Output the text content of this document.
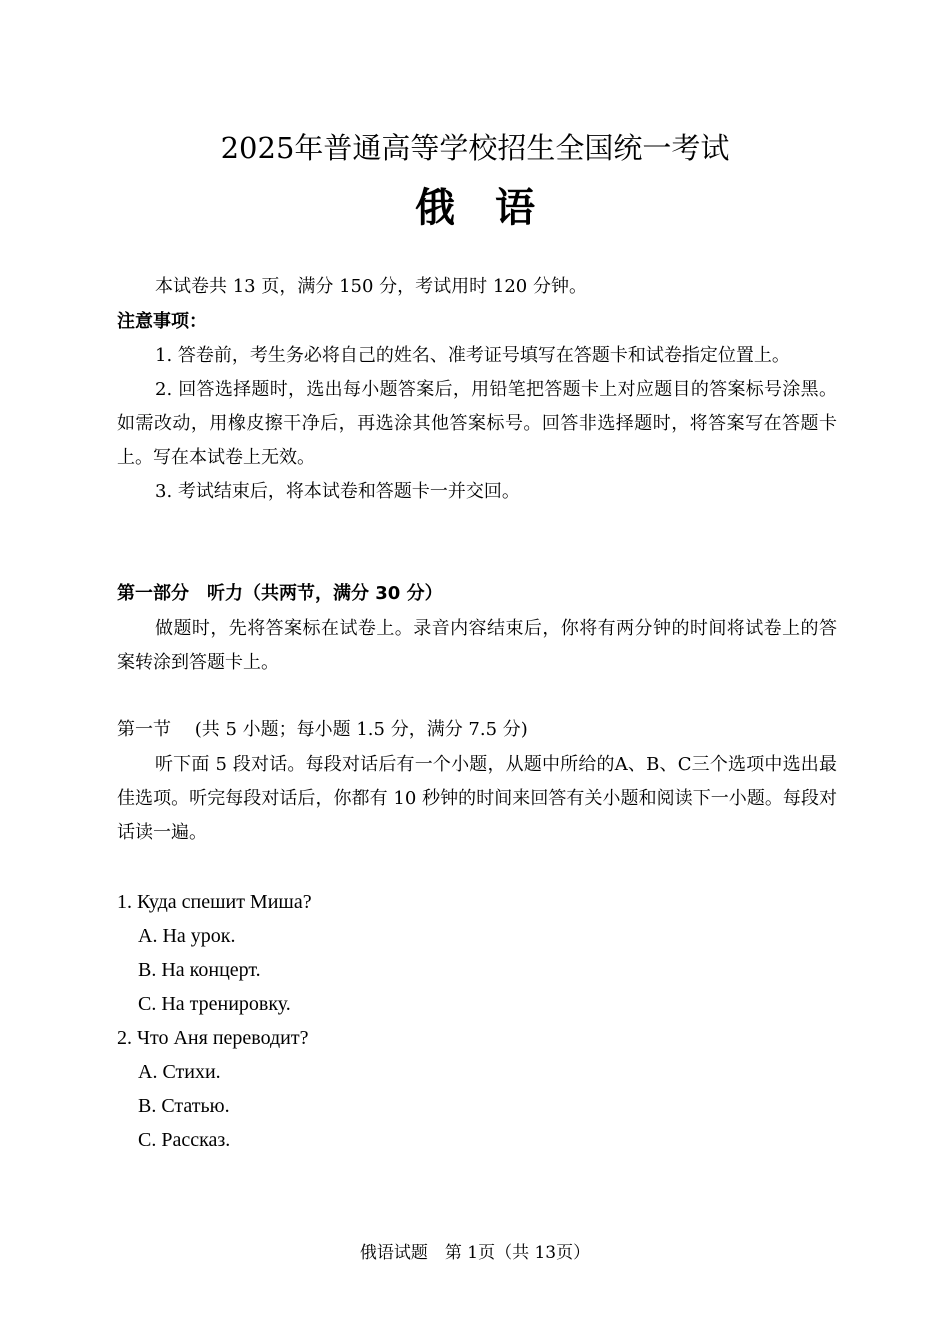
2025年普通高等学校招生全国统一考试
俄语
本试卷共 13 页，满分 150 分，考试用时 120 分钟。
注意事项：
1. 答卷前，考生务必将自己的姓名、准考证号填写在答题卡和试卷指定位置上。
2. 回答选择题时，选出每小题答案后，用铅笔把答题卡上对应题目的答案标号涂黑。如需改动，用橡皮擦干净后，再选涂其他答案标号。回答非选择题时，将答案写在答题卡上。写在本试卷上无效。
3. 考试结束后，将本试卷和答题卡一并交回。
第一部分　听力（共两节，满分 30 分）
做题时，先将答案标在试卷上。录音内容结束后，你将有两分钟的时间将试卷上的答案转涂到答题卡上。
第一节　 (共 5 小题；每小题 1.5 分，满分 7.5 分)
听下面 5 段对话。每段对话后有一个小题，从题中所给的A、B、C三个选项中选出最佳选项。听完每段对话后，你都有 10 秒钟的时间来回答有关小题和阅读下一小题。每段对话读一遍。
1. Куда спешит Миша?
A. На урок.
B. На концерт.
C. На тренировку.
2. Что Аня переводит?
A. Стихи.
B. Статью.
C. Рассказ.
俄语试题　第 1页（共 13页）
